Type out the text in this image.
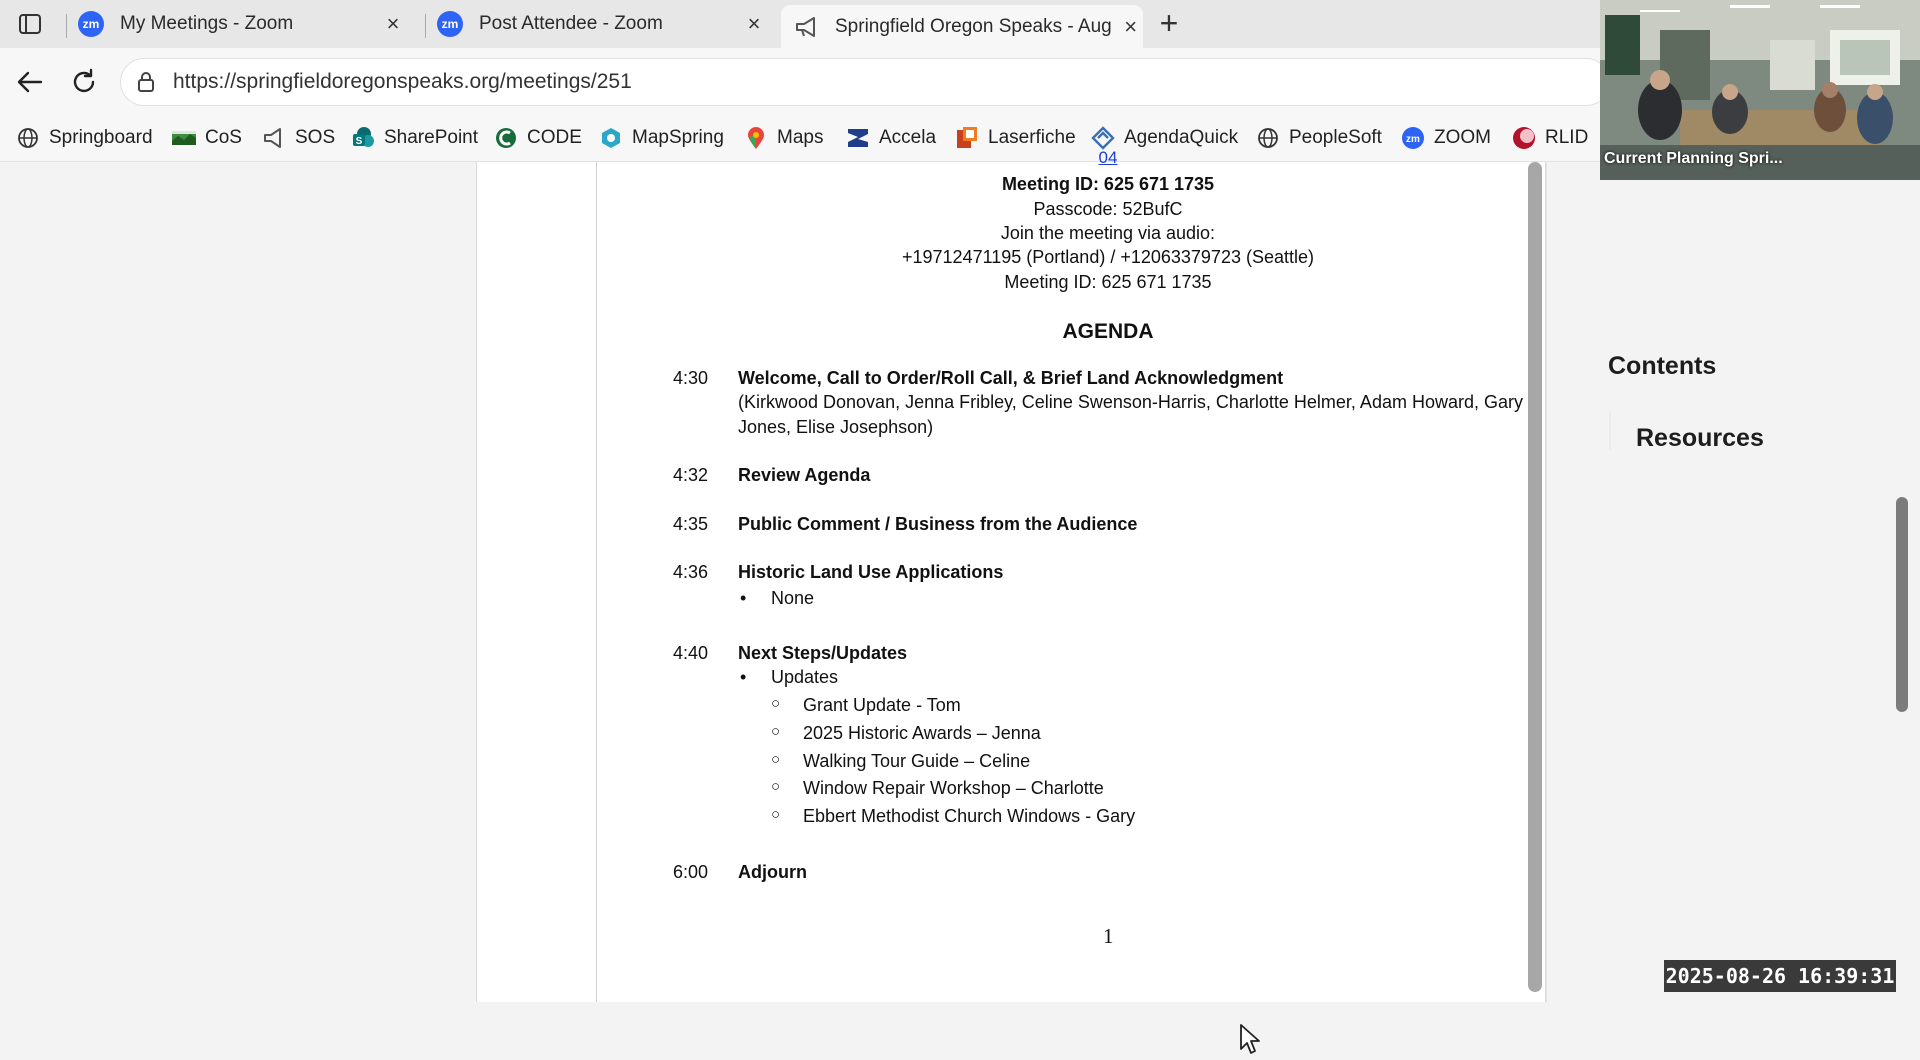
zm My Meetings - Zoom	×	zm Post Attendee - Zoom	×	Springfield Oregon Speaks - Aug × +
https://springfieldoregonspeaks.org/meetings/251
Springboard	CoS	SOS S SharePoint	CODE	MapSpring	Maps	Accela	Laserfiche	AgendaQuick	PeopleSoft zm ZOOM	RLID
04
Meeting ID: 625 671 1735
Passcode: 52BufC
Join the meeting via audio:
+19712471195 (Portland) / +12063379723 (Seattle)
Meeting ID: 625 671 1735
AGENDA
4:30 Welcome, Call to Order/Roll Call, & Brief Land Acknowledgment
(Kirkwood Donovan, Jenna Fribley, Celine Swenson-Harris, Charlotte Helmer, Adam Howard, Gary
Jones, Elise Josephson)
4:32 Review Agenda
4:35 Public Comment / Business from the Audience
4:36 Historic Land Use Applications
• None
4:40 Next Steps/Updates
• Updates
○ Grant Update - Tom
○ 2025 Historic Awards – Jenna
○ Walking Tour Guide – Celine
○ Window Repair Workshop – Charlotte
○ Ebbert Methodist Church Windows - Gary
6:00 Adjourn
1
Contents
Resources
Current Planning Spri...
2025-08-26 16:39:31
